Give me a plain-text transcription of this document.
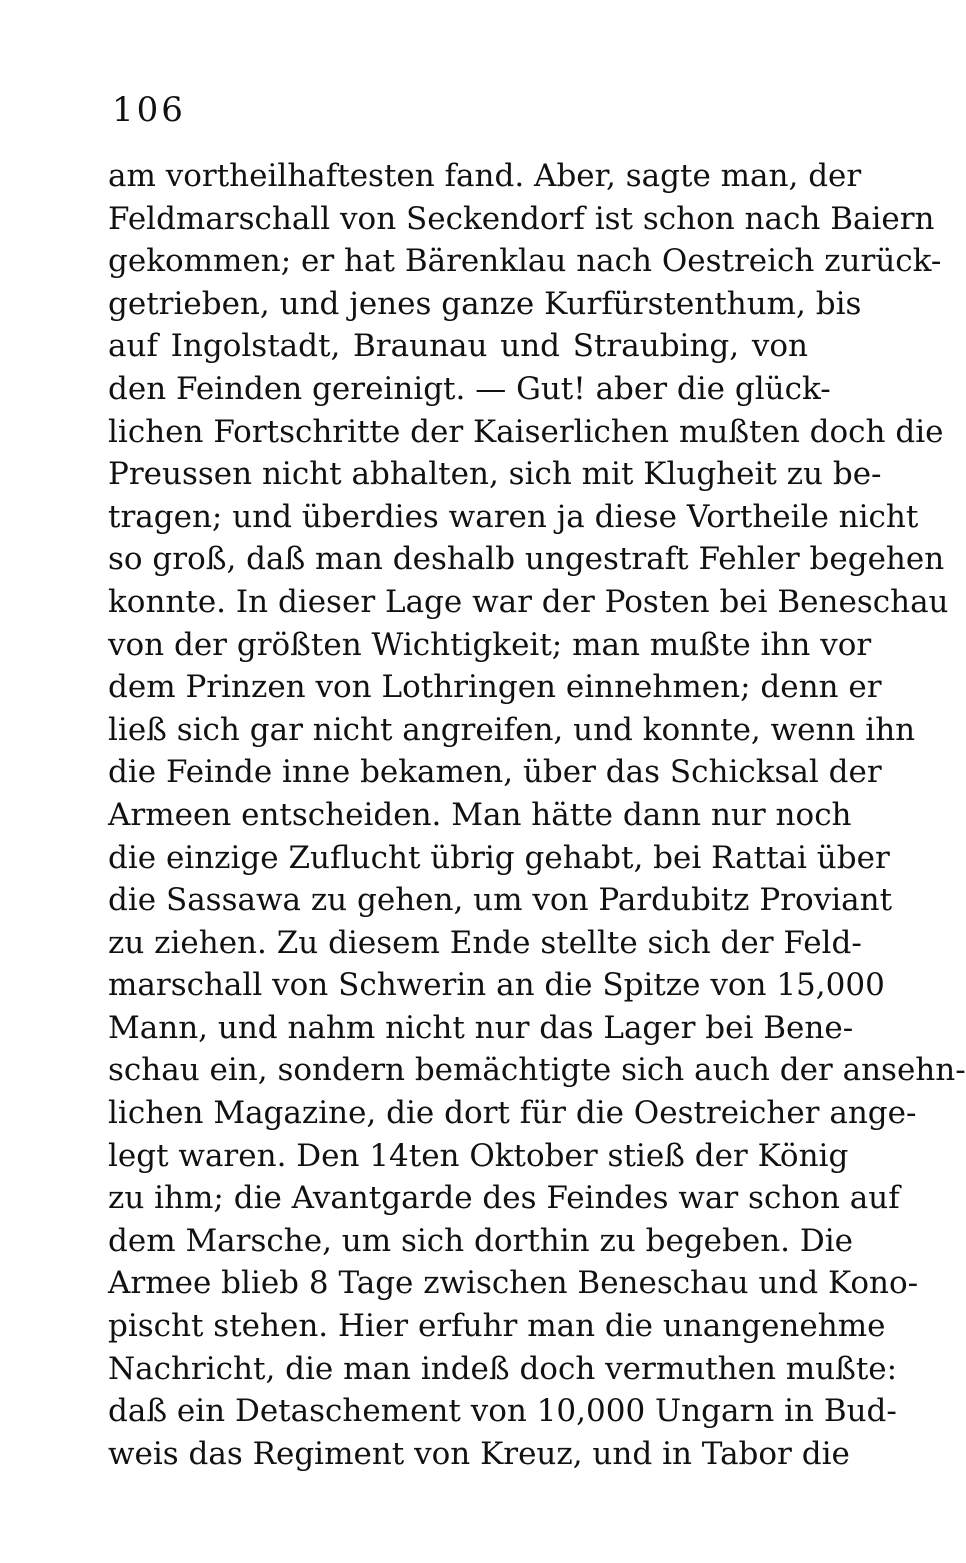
106
am vortheilhaftesten fand. Aber, sagte man, der
Feldmarschall von Seckendorf ist schon nach Baiern
gekommen; er hat Bärenklau nach Oestreich zurück-
getrieben, und jenes ganze Kurfürstenthum, bis
auf Ingolstadt, Braunau und Straubing, von
den Feinden gereinigt. — Gut! aber die glück-
lichen Fortschritte der Kaiserlichen mußten doch die
Preussen nicht abhalten, sich mit Klugheit zu be-
tragen; und überdies waren ja diese Vortheile nicht
so groß, daß man deshalb ungestraft Fehler begehen
konnte. In dieser Lage war der Posten bei Beneschau
von der größten Wichtigkeit; man mußte ihn vor
dem Prinzen von Lothringen einnehmen; denn er
ließ sich gar nicht angreifen, und konnte, wenn ihn
die Feinde inne bekamen, über das Schicksal der
Armeen entscheiden. Man hätte dann nur noch
die einzige Zuflucht übrig gehabt, bei Rattai über
die Sassawa zu gehen, um von Pardubitz Proviant
zu ziehen. Zu diesem Ende stellte sich der Feld-
marschall von Schwerin an die Spitze von 15,000
Mann, und nahm nicht nur das Lager bei Bene-
schau ein, sondern bemächtigte sich auch der ansehn-
lichen Magazine, die dort für die Oestreicher ange-
legt waren. Den 14ten Oktober stieß der König
zu ihm; die Avantgarde des Feindes war schon auf
dem Marsche, um sich dorthin zu begeben. Die
Armee blieb 8 Tage zwischen Beneschau und Kono-
pischt stehen. Hier erfuhr man die unangenehme
Nachricht, die man indeß doch vermuthen mußte:
daß ein Detaschement von 10,000 Ungarn in Bud-
weis das Regiment von Kreuz, und in Tabor die
